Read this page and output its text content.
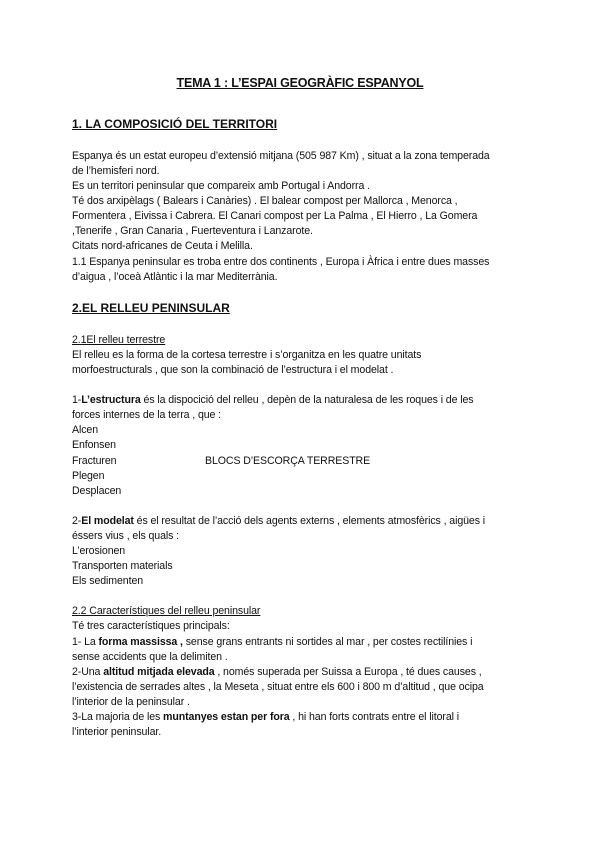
TEMA 1 : L’ESPAI GEOGRÀFIC ESPANYOL
1. LA COMPOSICIÓ DEL TERRITORI
Espanya és un estat europeu d’extensió mitjana (505 987 Km) , situat a la zona temperada
de l’hemisferi nord.
Es un territori peninsular que compareix amb Portugal i Andorra .
Té dos arxipèlags ( Balears i Canàries) . El balear compost per Mallorca , Menorca ,
Formentera , Eivissa i Cabrera. El Canari compost per La Palma , El Hierro , La Gomera
,Tenerife , Gran Canaria , Fuerteventura i Lanzarote.
Citats nord-africanes de Ceuta i Melilla.
1.1 Espanya peninsular es troba entre dos continents , Europa i Àfrica i entre dues masses
d’aigua , l’oceà Atlàntic i la mar Mediterrània.
2.EL RELLEU PENINSULAR
2.1El relleu terrestre
El relleu es la forma de la cortesa terrestre i s’organitza en les quatre unitats
morfoestructurals , que son la combinació de l’estructura i el modelat .
1-L’estructura és la dispocició del relleu , depèn de la naturalesa de les roques i de les
forces internes de la terra , que :
Alcen
Enfonsen
Fracturen	BLOCS D’ESCORÇA TERRESTRE
Plegen
Desplacen
2-El modelat és el resultat de l’acció dels agents externs , elements atmosfèrics , aigües i
éssers vius , els quals :
L’erosionen
Transporten materials
Els sedimenten
2.2 Característiques del relleu peninsular
Té tres característiques principals:
1- La forma massissa , sense grans entrants ni sortides al mar , per costes rectilínies i
sense accidents que la delimiten .
2-Una altitud mitjada elevada , només superada per Suissa a Europa , té dues causes ,
l’existencia de serrades altes , la Meseta , situat entre els 600 i 800 m d’altitud , que ocipa
l’interior de la peninsular .
3-La majoria de les muntanyes estan per fora , hi han forts contrats entre el litoral i
l’interior peninsular.
